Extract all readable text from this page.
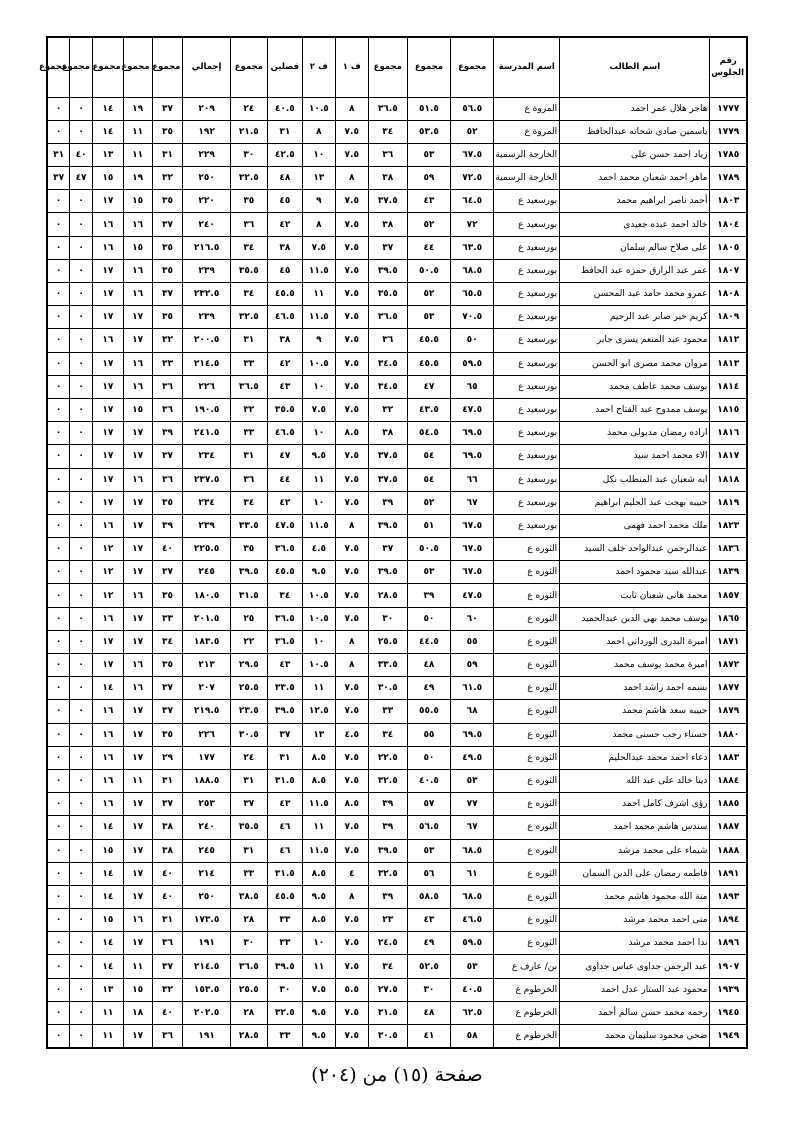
رقم الجلوس	اسم الطالب	اسم المدرسة	مجموع	مجموع	مجموع	ف ١	ف ٢	فصلين	مجموع	إجمالي	مجموع	مجموع	مجموع	مجموع	مجموع
١٧٧٧	هاجر هلال عمر احمد	المروة ع	٥٦.٥	٥١.٥	٣٦.٥	٨	١٠.٥	٤٠.٥	٢٤	٢٠٩	٣٧	١٩	١٤	٠	٠
١٧٧٩	ياسمين صادي شحاته عبدالحافظ	المروة ع	٥٢	٥٣.٥	٣٤	٧.٥	٨	٣١	٢١.٥	١٩٢	٣٥	١١	١٤	٠	٠
١٧٨٥	زياد احمد حسن على	الخارجة الرسمية	٦٧.٥	٥٣	٣٦	٧.٥	١٠	٤٢.٥	٣٠	٢٢٩	٣١	١١	١٣	٤٠	٣١
١٧٨٩	ماهر احمد شعبان محمد احمد	الخارجة الرسمية	٧٢.٥	٥٩	٣٨	٨	١٣	٤٨	٣٢.٥	٢٥٠	٣٢	١٩	١٥	٤٧	٣٧
١٨٠٣	أحمد ناصر ابراهيم محمد	بورسعيد ع	٦٤.٥	٤٣	٣٧.٥	٧.٥	٩	٤٥	٣٥	٢٢٠	٣٥	١٥	١٧	٠	٠
١٨٠٤	خالد احمد عبده جعيدى	بورسعيد ع	٧٢	٥٢	٣٨	٧.٥	٨	٤٢	٣٦	٢٤٠	٣٧	١٦	١٦	٠	٠
١٨٠٥	على صلاح سالم سلمان	بورسعيد ع	٦٣.٥	٤٤	٣٧	٧.٥	٧.٥	٣٨	٣٤	٢١٦.٥	٣٥	١٥	١٦	٠	٠
١٨٠٧	عمر عبد الرازق حمزه عبد الحافظ	بورسعيد ع	٦٨.٥	٥٠.٥	٣٩.٥	٧.٥	١١.٥	٤٥	٣٥.٥	٢٣٩	٣٥	١٦	١٧	٠	٠
١٨٠٨	عمرو محمد حامد عبد المحسن	بورسعيد ع	٦٥.٥	٥٢	٣٥.٥	٧.٥	١١	٤٥.٥	٣٤	٢٣٢.٥	٣٧	١٦	١٧	٠	٠
١٨٠٩	كريم خير صابر عبد الرحيم	بورسعيد ع	٧٠.٥	٥٣	٣٦.٥	٧.٥	١١.٥	٤٦.٥	٣٢.٥	٢٣٩	٣٥	١٧	١٧	٠	٠
١٨١٢	محمود عبد المنعم يسرى جابر	بورسعيد ع	٥٠	٤٥.٥	٣٦	٧.٥	٩	٣٨	٣١	٢٠٠.٥	٣٢	١٧	١٦	٠	٠
١٨١٣	مروان محمد مصرى ابو الحسن	بورسعيد ع	٥٩.٥	٤٥.٥	٣٤.٥	٧.٥	١٠.٥	٤٢	٣٣	٢١٤.٥	٣٣	١٦	١٧	٠	٠
١٨١٤	يوسف محمد عاطف محمد	بورسعيد ع	٦٥	٤٧	٣٤.٥	٧.٥	١٠	٤٣	٣٦.٥	٢٢٦	٣٦	١٦	١٧	٠	٠
١٨١٥	يوسف ممدوح عبد الفتاح احمد	بورسعيد ع	٤٧.٥	٤٣.٥	٣٢	٧.٥	٧.٥	٣٥.٥	٣٢	١٩٠.٥	٣٦	١٥	١٧	٠	٠
١٨١٦	اراده رمضان مدبولى محمد	بورسعيد ع	٦٩.٥	٥٤.٥	٣٨	٨.٥	١٠	٤٦.٥	٣٣	٢٤١.٥	٣٩	١٧	١٧	٠	٠
١٨١٧	الاء محمد احمد سيد	بورسعيد ع	٦٩.٥	٥٤	٣٧.٥	٧.٥	٩.٥	٤٧	٣١	٢٣٤	٣٧	١٧	١٧	٠	٠
١٨١٨	ايه شعبان عبد المنطلب نكل	بورسعيد ع	٦٦	٥٤	٣٧.٥	٧.٥	١١	٤٤	٣٦	٢٣٧.٥	٣٦	١٦	١٧	٠	٠
١٨١٩	حبيبه بهجت عبد الحليم ابراهيم	بورسعيد ع	٦٧	٥٢	٣٩	٧.٥	١٠	٤٢	٣٤	٢٣٤	٣٥	١٧	١٧	٠	٠
١٨٢٣	ملك محمد احمد فهمى	بورسعيد ع	٦٧.٥	٥١	٣٩.٥	٨	١١.٥	٤٧.٥	٣٣.٥	٢٣٩	٣٩	١٧	١٦	٠	٠
١٨٣٦	عبدالرحمن عبدالواحد خلف السيد	الثوره ع	٦٧.٥	٥٠.٥	٣٧	٧.٥	٤.٥	٣٦.٥	٣٥	٢٢٥.٥	٤٠	١٧	١٢	٠	٠
١٨٣٩	عبدالله سيد محمود احمد	الثوره ع	٦٧.٥	٥٣	٣٩.٥	٧.٥	٩.٥	٤٥.٥	٣٩.٥	٢٤٥	٣٧	١٧	١٢	٠	٠
١٨٥٧	محمد هانى شعبان ثابت	الثوره ع	٤٧.٥	٣٩	٢٨.٥	٧.٥	١٠.٥	٣٤	٣١.٥	١٨٠.٥	٣٥	١٦	١٢	٠	٠
١٨٦٥	يوسف محمد بهي الدين عبدالحميد	الثوره ع	٦٠	٥٠	٣٠	٧.٥	١٠.٥	٣٦.٥	٢٥	٢٠١.٥	٣٣	١٧	١٦	٠	٠
١٨٧١	اميرة البدرى الورداني احمد	الثوره ع	٥٥	٤٤.٥	٢٥.٥	٨	١٠	٣٦.٥	٢٢	١٨٣.٥	٣٤	١٧	١٧	٠	٠
١٨٧٢	اميرة محمد يوسف محمد	الثوره ع	٥٩	٤٨	٣٣.٥	٨	١٠.٥	٤٣	٢٩.٥	٢١٣	٣٥	١٦	١٧	٠	٠
١٨٧٧	بسمه احمد راشد احمد	الثوره ع	٦١.٥	٤٩	٣٠.٥	٧.٥	١١	٣٣.٥	٢٥.٥	٢٠٧	٣٧	١٦	١٤	٠	٠
١٨٧٩	حبيبه سعد هاشم محمد	الثوره ع	٦٨	٥٥.٥	٣٣	٧.٥	١٢.٥	٣٩.٥	٢٣.٥	٢١٩.٥	٣٧	١٧	١٦	٠	٠
١٨٨٠	حسناء رجب حسنى محمد	الثوره ع	٦٩.٥	٥٥	٣٤	٤.٥	١٣	٣٧	٣٠.٥	٢٢٦	٣٥	١٧	١٦	٠	٠
١٨٨٣	دعاء احمد محمد عبدالحليم	الثوره ع	٤٩.٥	٥٠	٢٢.٥	٧.٥	٨.٥	٣١	٢٤	١٧٧	٢٩	١٧	١٦	٠	٠
١٨٨٤	دينا خالد على عبد الله	الثوره ع	٥٣	٤٠.٥	٣٢.٥	٧.٥	٨.٥	٣١.٥	٣١	١٨٨.٥	٣١	١١	١٦	٠	٠
١٨٨٥	رؤى اشرف كامل احمد	الثوره ع	٧٧	٥٧	٣٩	٨.٥	١١.٥	٤٣	٣٧	٢٥٣	٣٧	١٧	١٦	٠	٠
١٨٨٧	سندس هاشم محمد احمد	الثوره ع	٦٧	٥٦.٥	٣٩	٧.٥	١١	٤٦	٣٥.٥	٢٤٠	٣٨	١٧	١٤	٠	٠
١٨٨٨	شيماء على محمد مرشد	الثوره ع	٦٨.٥	٥٣	٣٩.٥	٧.٥	١١.٥	٤٦	٣١	٢٤٥	٣٨	١٧	١٥	٠	٠
١٨٩١	فاطمه رمضان على الدين السمان	الثوره ع	٦١	٥٦	٣٢.٥	٤	٨.٥	٣١.٥	٣٣	٢١٤	٤٠	١٧	١٤	٠	٠
١٨٩٣	منة الله محمود هاشم محمد	الثوره ع	٦٨.٥	٥٨.٥	٣٩	٨	٩.٥	٤٥.٥	٣٨.٥	٢٥٠	٤٠	١٧	١٤	٠	٠
١٨٩٤	منى احمد محمد مرشد	الثوره ع	٤٦.٥	٤٣	٢٣	٧.٥	٨.٥	٣٣	٢٨	١٧٣.٥	٣١	١٦	١٥	٠	٠
١٨٩٦	ندا احمد محمد مرشد	الثوره ع	٥٩.٥	٤٩	٢٤.٥	٧.٥	١٠	٣٣	٣٠	١٩١	٣٦	١٧	١٤	٠	٠
١٩٠٧	عبد الرحمن جداوى عباس جداوى	بن/ عارف ع	٥٣	٥٢.٥	٣٤	٧.٥	١١	٣٩.٥	٣٦.٥	٢١٤.٥	٣٧	١١	١٤	٠	٠
١٩٣٩	محمود عبد الستار عدل احمد	الخرطوم ع	٤٠.٥	٣٠	٢٧.٥	٥.٥	٧.٥	٣٠	٢٥.٥	١٥٣.٥	٣٢	١٥	١٣	٠	٠
١٩٤٥	رحمه محمد حسن سالم أحمد	الخرطوم ع	٦٢.٥	٤٨	٣١.٥	٧.٥	٩.٥	٣٢.٥	٢٨	٢٠٢.٥	٤٠	١٨	١١	٠	٠
١٩٤٩	ضحي محمود سليمان محمد	الخرطوم ع	٥٨	٤١	٣٠.٥	٧.٥	٩.٥	٣٣	٢٨.٥	١٩١	٣٦	١٧	١١	٠	٠
صفحة (١٥) من (٢٠٤)
